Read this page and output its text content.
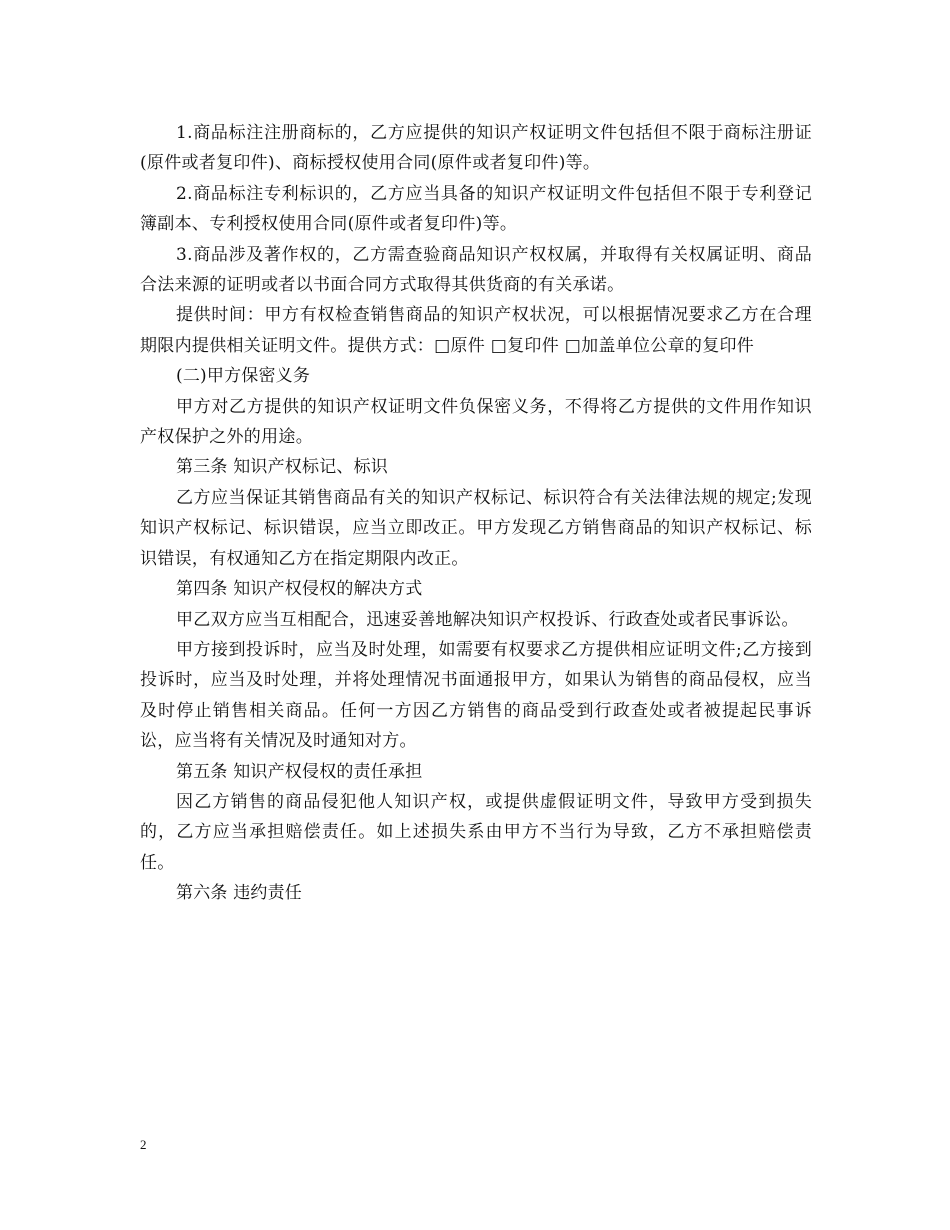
1.商品标注注册商标的，乙方应提供的知识产权证明文件包括但不限于商标注册证(原件或者复印件)、商标授权使用合同(原件或者复印件)等。

2.商品标注专利标识的，乙方应当具备的知识产权证明文件包括但不限于专利登记簿副本、专利授权使用合同(原件或者复印件)等。

3.商品涉及著作权的，乙方需查验商品知识产权权属，并取得有关权属证明、商品合法来源的证明或者以书面合同方式取得其供货商的有关承诺。

提供时间：甲方有权检查销售商品的知识产权状况，可以根据情况要求乙方在合理期限内提供相关证明文件。提供方式：□原件 □复印件 □加盖单位公章的复印件

(二)甲方保密义务

甲方对乙方提供的知识产权证明文件负保密义务，不得将乙方提供的文件用作知识产权保护之外的用途。

第三条 知识产权标记、标识

乙方应当保证其销售商品有关的知识产权标记、标识符合有关法律法规的规定;发现知识产权标记、标识错误，应当立即改正。甲方发现乙方销售商品的知识产权标记、标识错误，有权通知乙方在指定期限内改正。

第四条 知识产权侵权的解决方式

甲乙双方应当互相配合，迅速妥善地解决知识产权投诉、行政查处或者民事诉讼。

甲方接到投诉时，应当及时处理，如需要有权要求乙方提供相应证明文件;乙方接到投诉时，应当及时处理，并将处理情况书面通报甲方，如果认为销售的商品侵权，应当及时停止销售相关商品。任何一方因乙方销售的商品受到行政查处或者被提起民事诉讼，应当将有关情况及时通知对方。

第五条 知识产权侵权的责任承担

因乙方销售的商品侵犯他人知识产权，或提供虚假证明文件，导致甲方受到损失的，乙方应当承担赔偿责任。如上述损失系由甲方不当行为导致，乙方不承担赔偿责任。

第六条 违约责任

2
